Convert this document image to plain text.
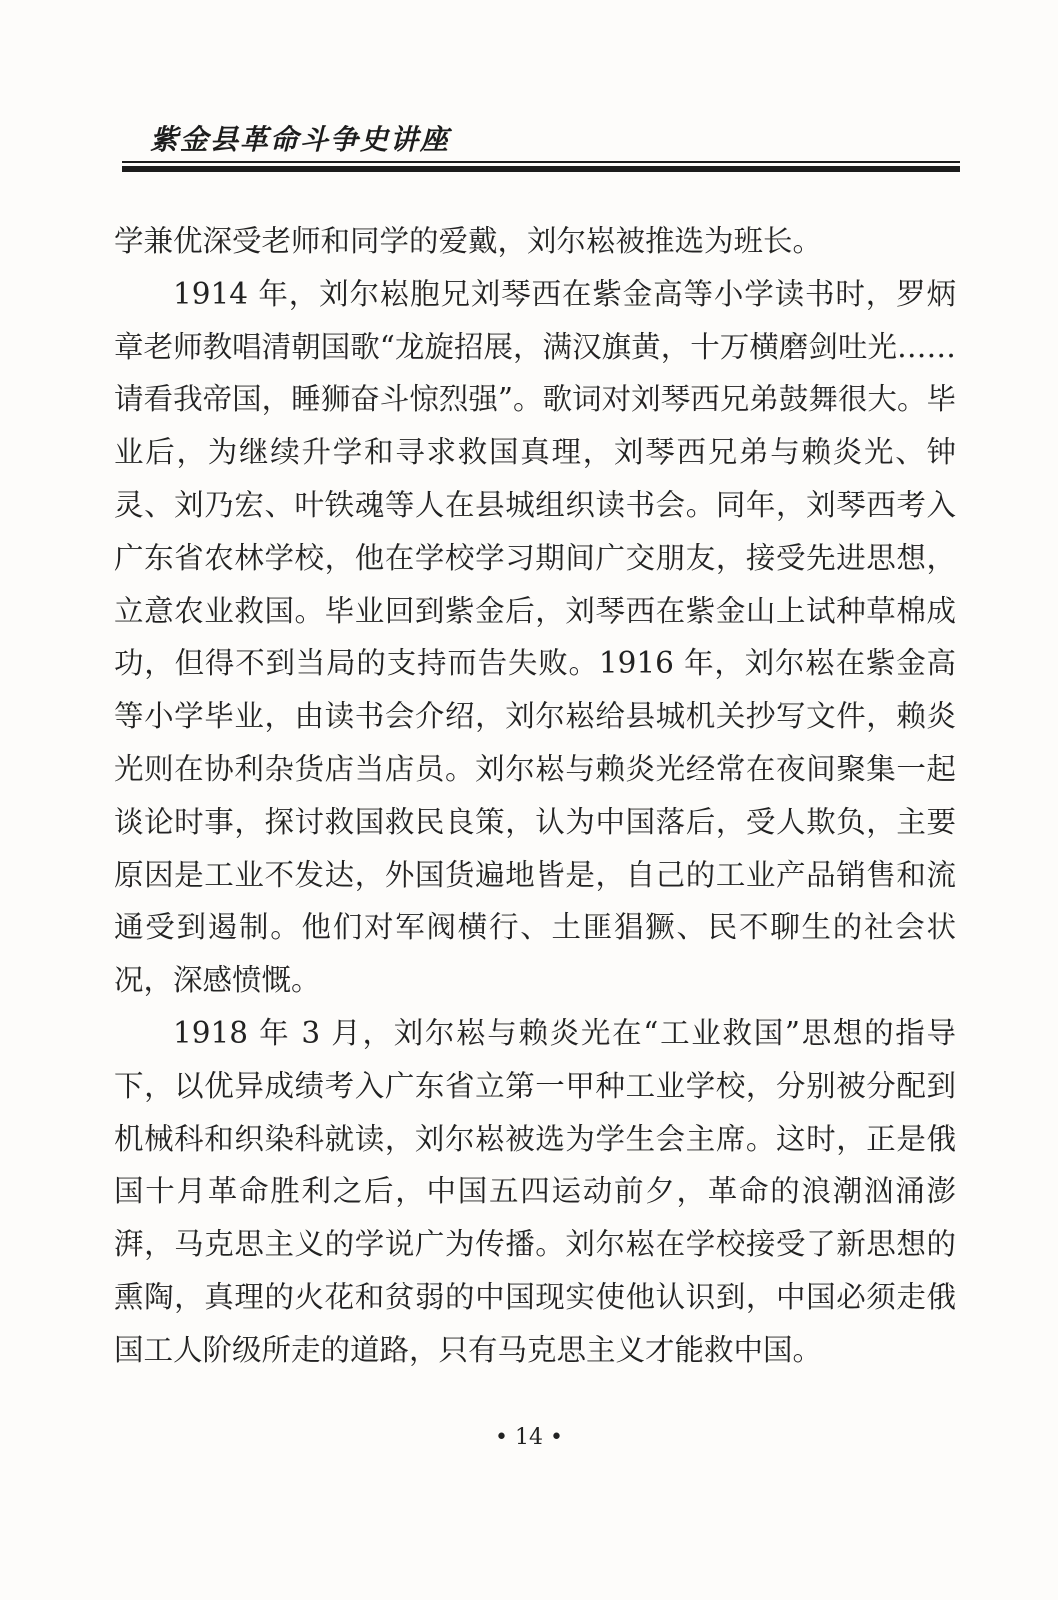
紫金县革命斗争史讲座

学兼优深受老师和同学的爱戴，刘尔崧被推选为班长。

1914 年，刘尔崧胞兄刘琴西在紫金高等小学读书时，罗炳章老师教唱清朝国歌“龙旋招展，满汉旗黄，十万横磨剑吐光……请看我帝国，睡狮奋斗惊烈强”。歌词对刘琴西兄弟鼓舞很大。毕业后，为继续升学和寻求救国真理，刘琴西兄弟与赖炎光、钟灵、刘乃宏、叶铁魂等人在县城组织读书会。同年，刘琴西考入广东省农林学校，他在学校学习期间广交朋友，接受先进思想，立意农业救国。毕业回到紫金后，刘琴西在紫金山上试种草棉成功，但得不到当局的支持而告失败。1916 年，刘尔崧在紫金高等小学毕业，由读书会介绍，刘尔崧给县城机关抄写文件，赖炎光则在协利杂货店当店员。刘尔崧与赖炎光经常在夜间聚集一起谈论时事，探讨救国救民良策，认为中国落后，受人欺负，主要原因是工业不发达，外国货遍地皆是，自己的工业产品销售和流通受到遏制。他们对军阀横行、土匪猖獗、民不聊生的社会状况，深感愤慨。

1918 年 3 月，刘尔崧与赖炎光在“工业救国”思想的指导下，以优异成绩考入广东省立第一甲种工业学校，分别被分配到机械科和织染科就读，刘尔崧被选为学生会主席。这时，正是俄国十月革命胜利之后，中国五四运动前夕，革命的浪潮汹涌澎湃，马克思主义的学说广为传播。刘尔崧在学校接受了新思想的熏陶，真理的火花和贫弱的中国现实使他认识到，中国必须走俄国工人阶级所走的道路，只有马克思主义才能救中国。

• 14 •
